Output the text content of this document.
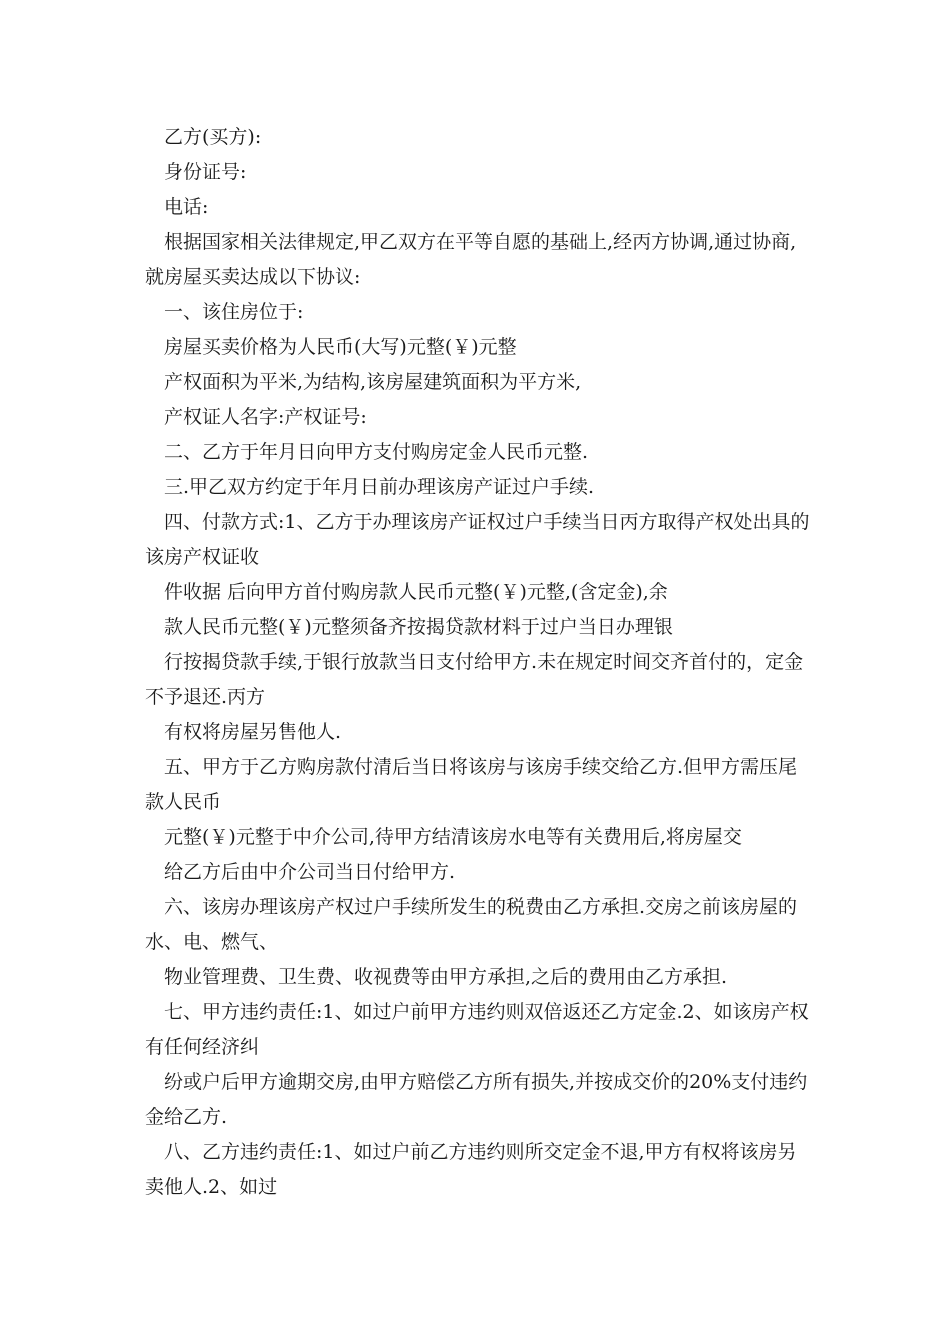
乙方(买方):

身份证号:

电话:

根据国家相关法律规定,甲乙双方在平等自愿的基础上,经丙方协调,通过协商,就房屋买卖达成以下协议:

一、该住房位于:

房屋买卖价格为人民币(大写)元整(￥)元整

产权面积为平米,为结构,该房屋建筑面积为平方米,

产权证人名字:产权证号:

二、乙方于年月日向甲方支付购房定金人民币元整.

三.甲乙双方约定于年月日前办理该房产证过户手续.

四、付款方式:1、乙方于办理该房产证权过户手续当日丙方取得产权处出具的该房产权证收

件收据 后向甲方首付购房款人民币元整(￥)元整,(含定金),余

款人民币元整(￥)元整须备齐按揭贷款材料于过户当日办理银

行按揭贷款手续,于银行放款当日支付给甲方.未在规定时间交齐首付的，定金不予退还.丙方

有权将房屋另售他人.

五、甲方于乙方购房款付清后当日将该房与该房手续交给乙方.但甲方需压尾款人民币

元整(￥)元整于中介公司,待甲方结清该房水电等有关费用后,将房屋交

给乙方后由中介公司当日付给甲方.

六、该房办理该房产权过户手续所发生的税费由乙方承担.交房之前该房屋的水、电、燃气、

物业管理费、卫生费、收视费等由甲方承担,之后的费用由乙方承担.

七、甲方违约责任:1、如过户前甲方违约则双倍返还乙方定金.2、如该房产权有任何经济纠

纷或户后甲方逾期交房,由甲方赔偿乙方所有损失,并按成交价的20%支付违约金给乙方.

八、乙方违约责任:1、如过户前乙方违约则所交定金不退,甲方有权将该房另卖他人.2、如过
